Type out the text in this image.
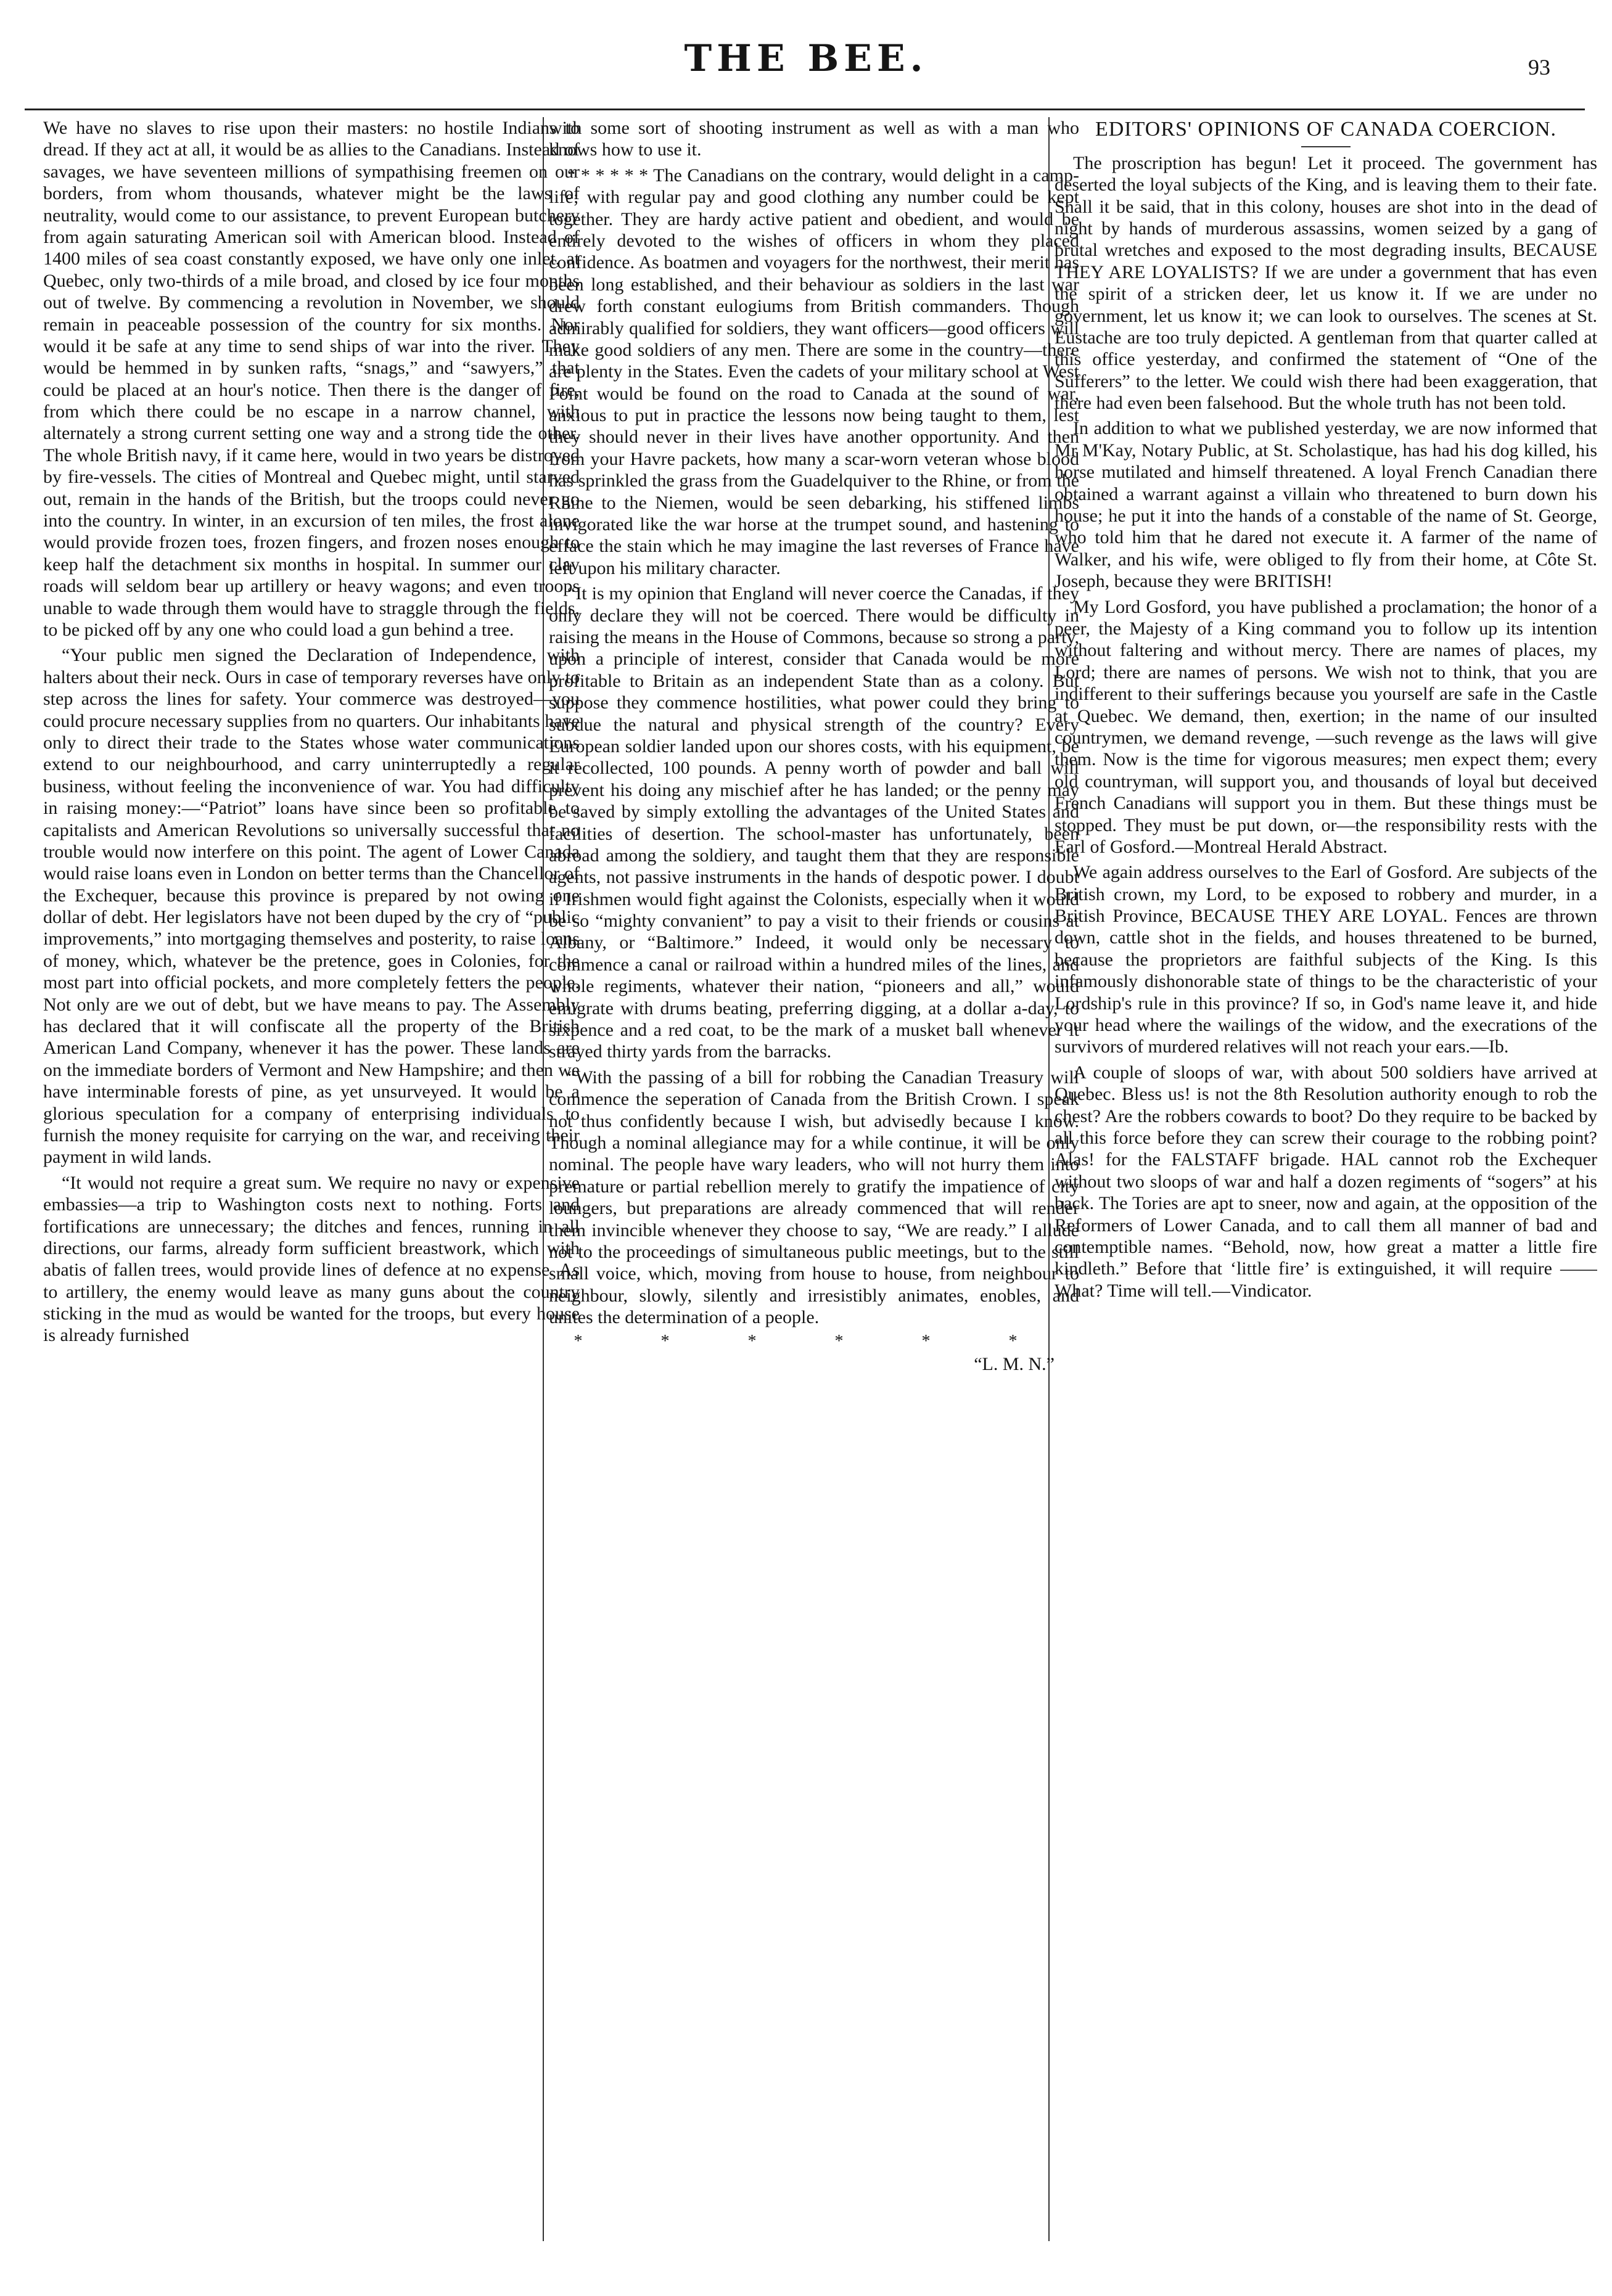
THE BEE.	93

We have no slaves to rise upon their masters: no hostile Indians to dread. If they act at all, it would be as allies to the Canadians. Instead of savages, we have seventeen millions of sympathising freemen on our borders, from whom thousands, whatever might be the laws of neutrality, would come to our assistance, to prevent European butchery from again saturating American soil with American blood. Instead of 1400 miles of sea coast constantly exposed, we have only one inlet, at Quebec, only two-thirds of a mile broad, and closed by ice four months out of twelve. By commencing a revolution in November, we should remain in peaceable possession of the country for six months. Nor would it be safe at any time to send ships of war into the river. They would be hemmed in by sunken rafts, “snags,” and “sawyers,” that could be placed at an hour's notice. Then there is the danger of fire, from which there could be no escape in a narrow channel, with alternately a strong current setting one way and a strong tide the other. The whole British navy, if it came here, would in two years be distroyed by fire-vessels. The cities of Montreal and Quebec might, until starved out, remain in the hands of the British, but the troops could never go into the country. In winter, in an excursion of ten miles, the frost alone would provide frozen toes, frozen fingers, and frozen noses enough to keep half the detachment six months in hospital. In summer our clay roads will seldom bear up artillery or heavy wagons; and even troops unable to wade through them would have to straggle through the fields, to be picked off by any one who could load a gun behind a tree.

“Your public men signed the Declaration of Independence, with halters about their neck. Ours in case of temporary reverses have only to step across the lines for safety. Your commerce was destroyed—you could procure necessary supplies from no quarters. Our inhabitants have only to direct their trade to the States whose water communications extend to our neighbourhood, and carry uninterruptedly a regular business, without feeling the inconvenience of war. You had difficulty in raising money:—“Patriot” loans have since been so profitable to capitalists and American Revolutions so universally successful that no trouble would now interfere on this point. The agent of Lower Canada would raise loans even in London on better terms than the Chancellor of the Exchequer, because this province is prepared by not owing one dollar of debt. Her legislators have not been duped by the cry of “public improvements,” into mortgaging themselves and posterity, to raise loans of money, which, whatever be the pretence, goes in Colonies, for the most part into official pockets, and more completely fetters the people. Not only are we out of debt, but we have means to pay. The Assembly has declared that it will confiscate all the property of the British American Land Company, whenever it has the power. These lands are on the immediate borders of Vermont and New Hampshire; and then we have interminable forests of pine, as yet unsurveyed. It would be a glorious speculation for a company of enterprising individuals to furnish the money requisite for carrying on the war, and receiving their payment in wild lands.

“It would not require a great sum. We require no navy or expensive embassies—a trip to Washington costs next to nothing. Forts and fortifications are unnecessary; the ditches and fences, running in all directions, our farms, already form sufficient breastwork, which with abatis of fallen trees, would provide lines of defence at no expense. As to artillery, the enemy would leave as many guns about the country sticking in the mud as would be wanted for the troops, but every house is already furnished

with some sort of shooting instrument as well as with a man who knows how to use it.

“ * * * * * The Canadians on the contrary, would delight in a camp-life; with regular pay and good clothing any number could be kept together. They are hardy active patient and obedient, and would be entirely devoted to the wishes of officers in whom they placed confidence. As boatmen and voyagers for the northwest, their merit has been long established, and their behaviour as soldiers in the last war drew forth constant eulogiums from British commanders. Though admirably qualified for soldiers, they want officers—good officers will make good soldiers of any men. There are some in the country—there are plenty in the States. Even the cadets of your military school at West Point would be found on the road to Canada at the sound of war, anxious to put in practice the lessons now being taught to them, lest they should never in their lives have another opportunity. And then from your Havre packets, how many a scar-worn veteran whose blood has sprinkled the grass from the Guadelquiver to the Rhine, or from the Rhine to the Niemen, would be seen debarking, his stiffened limbs invigorated like the war horse at the trumpet sound, and hastening to efface the stain which he may imagine the last reverses of France have left upon his military character.

“It is my opinion that England will never coerce the Canadas, if they only declare they will not be coerced. There would be difficulty in raising the means in the House of Commons, because so strong a party, upon a principle of interest, consider that Canada would be more profitable to Britain as an independent State than as a colony. But suppose they commence hostilities, what power could they bring to subdue the natural and physical strength of the country? Every European soldier landed upon our shores costs, with his equipment, be it recollected, 100 pounds. A penny worth of powder and ball will prevent his doing any mischief after he has landed; or the penny may be saved by simply extolling the advantages of the United States and facilities of desertion. The school-master has unfortunately, been abroad among the soldiery, and taught them that they are responsible agents, not passive instruments in the hands of despotic power. I doubt if Irishmen would fight against the Colonists, especially when it would be so “mighty convanient” to pay a visit to their friends or cousins at Albany, or “Baltimore.” Indeed, it would only be necessary to commence a canal or railroad within a hundred miles of the lines, and whole regiments, whatever their nation, “pioneers and all,” would emigrate with drums beating, preferring digging, at a dollar a-day, to sixpence and a red coat, to be the mark of a musket ball whenever it strayed thirty yards from the barracks.

“With the passing of a bill for robbing the Canadian Treasury will commence the seperation of Canada from the British Crown. I speak not thus confidently because I wish, but advisedly because I know. Though a nominal allegiance may for a while continue, it will be only nominal. The people have wary leaders, who will not hurry them into premature or partial rebellion merely to gratify the impatience of city loungers, but preparations are already commenced that will render them invincible whenever they choose to say, “We are ready.” I allude not to the proceedings of simultaneous public meetings, but to the still small voice, which, moving from house to house, from neighbour to neighbour, slowly, silently and irresistibly animates, enobles, and unites the determination of a people.

* * * * * *
“L. M. N.”
EDITORS' OPINIONS OF CANADA COERCION.

The proscription has begun! Let it proceed. The government has deserted the loyal subjects of the King, and is leaving them to their fate. Shall it be said, that in this colony, houses are shot into in the dead of night by hands of murderous assassins, women seized by a gang of brutal wretches and exposed to the most degrading insults, BECAUSE THEY ARE LOYALISTS? If we are under a government that has even the spirit of a stricken deer, let us know it. If we are under no government, let us know it; we can look to ourselves. The scenes at St. Eustache are too truly depicted. A gentleman from that quarter called at this office yesterday, and confirmed the statement of “One of the Sufferers” to the letter. We could wish there had been exaggeration, that there had even been falsehood. But the whole truth has not been told.

In addition to what we published yesterday, we are now informed that Mr M'Kay, Notary Public, at St. Scholastique, has had his dog killed, his horse mutilated and himself threatened. A loyal French Canadian there obtained a warrant against a villain who threatened to burn down his house; he put it into the hands of a constable of the name of St. George, who told him that he dared not execute it. A farmer of the name of Walker, and his wife, were obliged to fly from their home, at Côte St. Joseph, because they were BRITISH!

My Lord Gosford, you have published a proclamation; the honor of a peer, the Majesty of a King command you to follow up its intention without faltering and without mercy. There are names of places, my Lord; there are names of persons. We wish not to think, that you are indifferent to their sufferings because you yourself are safe in the Castle at Quebec. We demand, then, exertion; in the name of our insulted countrymen, we demand revenge, —such revenge as the laws will give them. Now is the time for vigorous measures; men expect them; every old countryman, will support you, and thousands of loyal but deceived French Canadians will support you in them. But these things must be stopped. They must be put down, or—the responsibility rests with the Earl of Gosford.—Montreal Herald Abstract.

We again address ourselves to the Earl of Gosford. Are subjects of the British crown, my Lord, to be exposed to robbery and murder, in a British Province, BECAUSE THEY ARE LOYAL. Fences are thrown down, cattle shot in the fields, and houses threatened to be burned, because the proprietors are faithful subjects of the King. Is this infamously dishonorable state of things to be the characteristic of your Lordship's rule in this province? If so, in God's name leave it, and hide your head where the wailings of the widow, and the execrations of the survivors of murdered relatives will not reach your ears.—Ib.

A couple of sloops of war, with about 500 soldiers have arrived at Quebec. Bless us! is not the 8th Resolution authority enough to rob the chest? Are the robbers cowards to boot? Do they require to be backed by all this force before they can screw their courage to the robbing point? Alas! for the FALSTAFF brigade. HAL cannot rob the Exchequer without two sloops of war and half a dozen regiments of “sogers” at his back. The Tories are apt to sneer, now and again, at the opposition of the Reformers of Lower Canada, and to call them all manner of bad and contemptible names. “Behold, now, how great a matter a little fire kindleth.” Before that ‘little fire’ is extinguished, it will require —— What? Time will tell.—Vindicator.
